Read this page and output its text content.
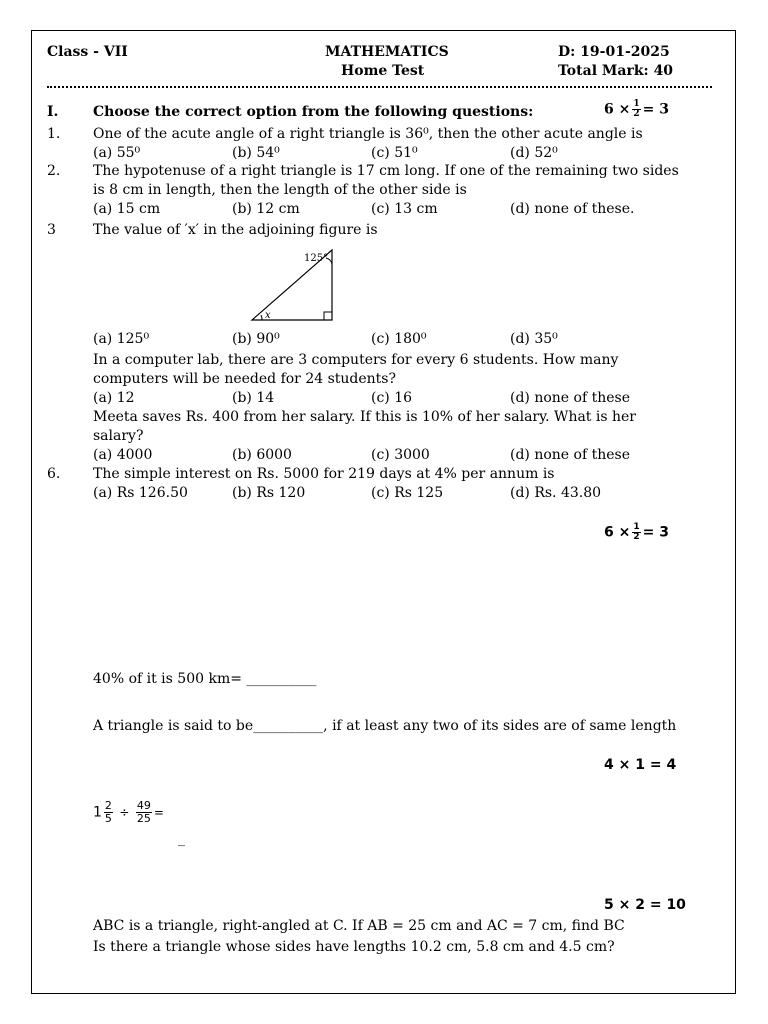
Class - VII	MATHEMATICS
Home Test
D: 19-01-2025
Total Mark: 40
I. Choose the correct option from the following questions:	$6 \times \frac{1}{2} = 3$
1. One of the acute angle of a right triangle is 36⁰, then the other acute angle is
(a) 55⁰	(b) 54⁰	(c) 51⁰	(d) 52⁰
2. The hypotenuse of a right triangle is 17 cm long. If one of the remaining two sides
is 8 cm in length, then the length of the other side is
(a) 15 cm	(b) 12 cm	(c) 13 cm	(d) none of these.
3	The value of ′x′ in the adjoining figure is
125°
x
(a) 125⁰	(b) 90⁰	(c) 180⁰	(d) 35⁰
In a computer lab, there are 3 computers for every 6 students. How many
computers will be needed for 24 students?
(a) 12	(b) 14	(c) 16	(d) none of these
Meeta saves Rs. 400 from her salary. If this is 10% of her salary. What is her
salary?
(a) 4000	(b) 6000	(c) 3000	(d) none of these
6. The simple interest on Rs. 5000 for 219 days at 4% per annum is
(a) Rs 126.50	(b) Rs 120	(c) Rs 125	(d) Rs. 43.80
$6 \times \frac{1}{2} = 3$
40% of it is 500 km= __________
A triangle is said to be__________, if at least any two of its sides are of same length
4 × 1 = 4
$1 \frac{2}{5} \div \frac{49}{25}$ =
_
5 × 2 = 10
ABC is a triangle, right-angled at C. If AB = 25 cm and AC = 7 cm, find BC
Is there a triangle whose sides have lengths 10.2 cm, 5.8 cm and 4.5 cm?
